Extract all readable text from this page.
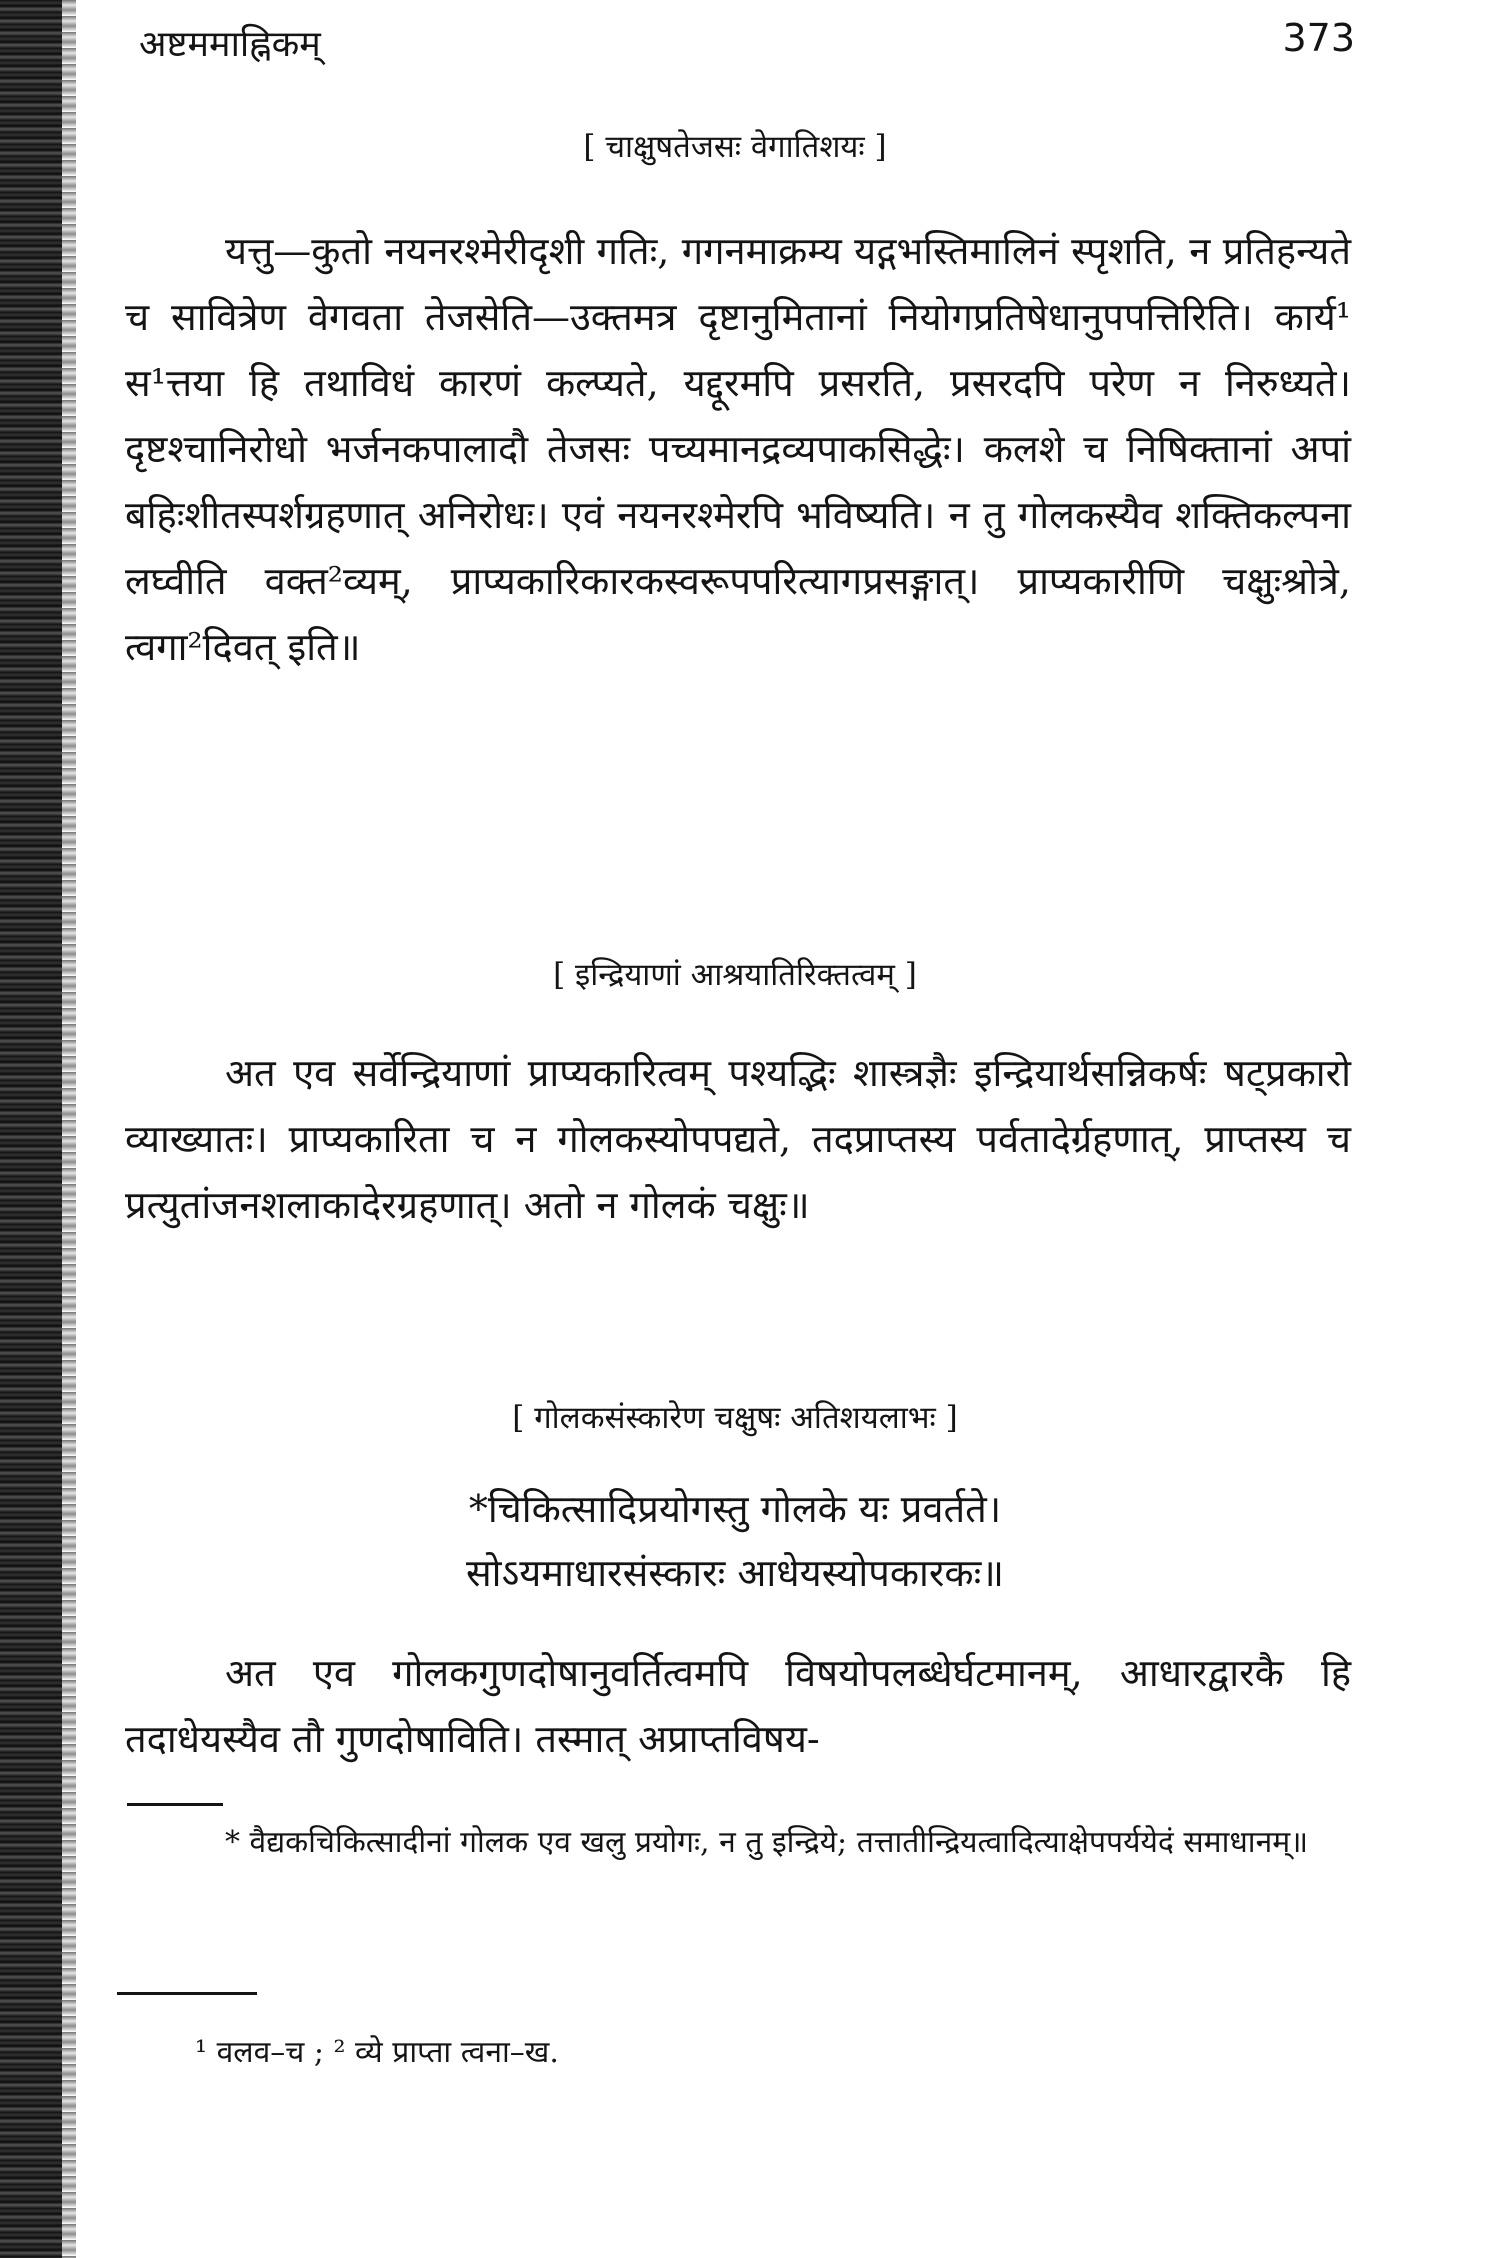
अष्टममाह्निकम्	373
[ चाक्षुषतेजसः वेगातिशयः ]
यत्तु—कुतो नयनरश्मेरीदृशी गतिः, गगनमाक्रम्य यद्गभस्तिमालिनं स्पृशति, न प्रतिहन्यते च सावित्रेण वेगवता तेजसेति—उक्तमत्र दृष्टानुमितानां नियोगप्रतिषेधानुपपत्तिरिति। कार्य¹ स¹त्तया हि तथाविधं कारणं कल्प्यते, यद्दूरमपि प्रसरति, प्रसरदपि परेण न निरुध्यते। दृष्टश्चानिरोधो भर्जनकपालादौ तेजसः पच्यमानद्रव्यपाकसिद्धेः। कलशे च निषिक्तानां अपां बहिःशीतस्पर्शग्रहणात् अनिरोधः। एवं नयनरश्मेरपि भविष्यति। न तु गोलकस्यैव शक्तिकल्पना लघ्वीति वक्त²व्यम्, प्राप्यकारिकारकस्वरूपपरित्यागप्रसङ्गात्। प्राप्यकारीणि चक्षुःश्रोत्रे, त्वगा²दिवत् इति॥
[ इन्द्रियाणां आश्रयातिरिक्तत्वम् ]
अत एव सर्वेन्द्रियाणां प्राप्यकारित्वम् पश्यद्भिः शास्त्रज्ञैः इन्द्रियार्थसन्निकर्षः षट्प्रकारो व्याख्यातः। प्राप्यकारिता च न गोलकस्योपपद्यते, तदप्राप्तस्य पर्वतादेर्ग्रहणात्, प्राप्तस्य च प्रत्युतांजनशलाकादेरग्रहणात्। अतो न गोलकं चक्षुः॥
[ गोलकसंस्कारेण चक्षुषः अतिशयलाभः ]
*चिकित्सादिप्रयोगस्तु गोलके यः प्रवर्तते।
सोऽयमाधारसंस्कारः आधेयस्योपकारकः॥
अत एव गोलकगुणदोषानुवर्तित्वमपि विषयोपलब्धेर्घटमानम्, आधारद्वारकै हि तदाधेयस्यैव तौ गुणदोषाविति। तस्मात् अप्राप्तविषय-
* वैद्यकचिकित्सादीनां गोलक एव खलु प्रयोगः, न तु इन्द्रिये; तत्तातीन्द्रियत्वादित्याक्षेपपर्ययेदं समाधानम्॥
¹ वलव–च ; ² व्ये प्राप्ता त्वना–ख.
